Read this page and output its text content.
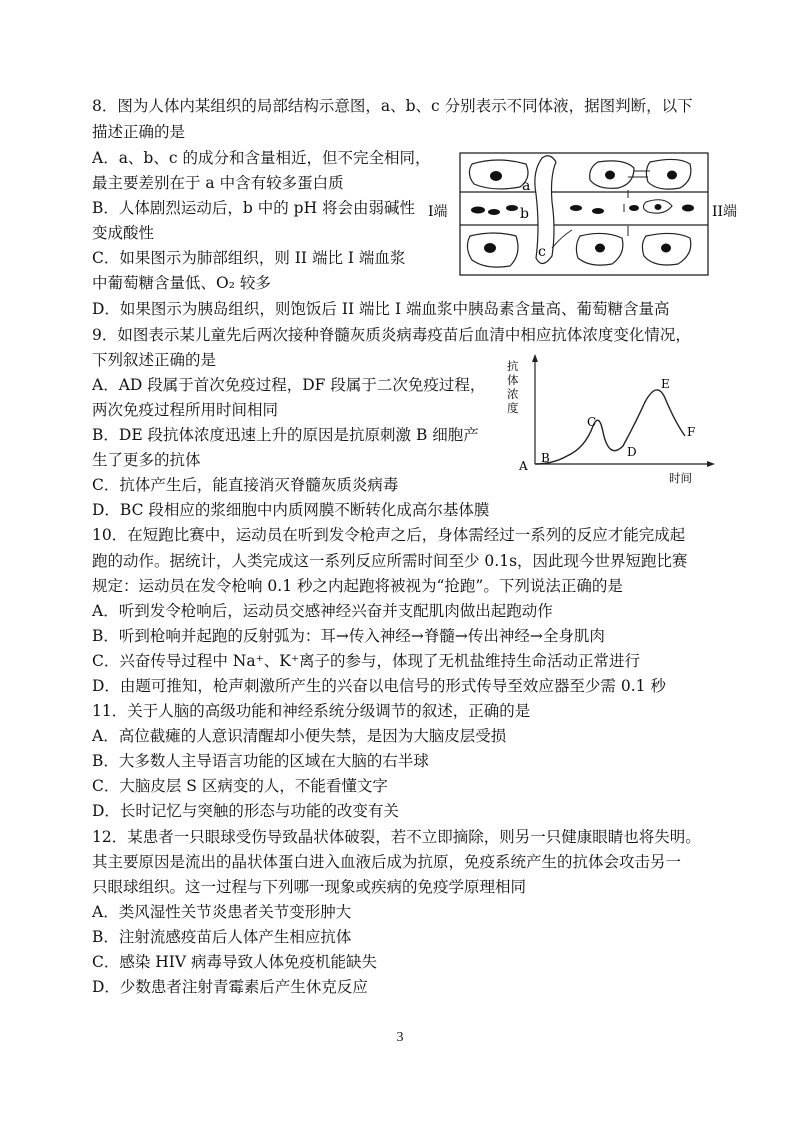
8．图为人体内某组织的局部结构示意图，a、b、c 分别表示不同体液，据图判断，以下
描述正确的是
A．a、b、c 的成分和含量相近，但不完全相同，
最主要差别在于 a 中含有较多蛋白质
B．人体剧烈运动后，b 中的 pH 将会由弱碱性
变成酸性
C．如果图示为肺部组织，则 II 端比 I 端血浆
中葡萄糖含量低、O₂ 较多
D．如果图示为胰岛组织，则饱饭后 II 端比 I 端血浆中胰岛素含量高、葡萄糖含量高
I端	II端
a
b
c
9．如图表示某儿童先后两次接种脊髓灰质炎病毒疫苗后血清中相应抗体浓度变化情况，
下列叙述正确的是
A．AD 段属于首次免疫过程，DF 段属于二次免疫过程，
两次免疫过程所用时间相同
B．DE 段抗体浓度迅速上升的原因是抗原刺激 B 细胞产
生了更多的抗体
C．抗体产生后，能直接消灭脊髓灰质炎病毒
D．BC 段相应的浆细胞中内质网膜不断转化成高尔基体膜
抗
体
浓
度
A
B
C
D
E
F
时间
10．在短跑比赛中，运动员在听到发令枪声之后，身体需经过一系列的反应才能完成起
跑的动作。据统计，人类完成这一系列反应所需时间至少 0.1s，因此现今世界短跑比赛
规定：运动员在发令枪响 0.1 秒之内起跑将被视为“抢跑”。下列说法正确的是
A．听到发令枪响后，运动员交感神经兴奋并支配肌肉做出起跑动作
B．听到枪响并起跑的反射弧为：耳→传入神经→脊髓→传出神经→全身肌肉
C．兴奋传导过程中 Na⁺、K⁺离子的参与，体现了无机盐维持生命活动正常进行
D．由题可推知，枪声刺激所产生的兴奋以电信号的形式传导至效应器至少需 0.1 秒
11．关于人脑的高级功能和神经系统分级调节的叙述，正确的是
A．高位截瘫的人意识清醒却小便失禁，是因为大脑皮层受损
B．大多数人主导语言功能的区域在大脑的右半球
C．大脑皮层 S 区病变的人，不能看懂文字
D．长时记忆与突触的形态与功能的改变有关
12．某患者一只眼球受伤导致晶状体破裂，若不立即摘除，则另一只健康眼睛也将失明。
其主要原因是流出的晶状体蛋白进入血液后成为抗原，免疫系统产生的抗体会攻击另一
只眼球组织。这一过程与下列哪一现象或疾病的免疫学原理相同
A．类风湿性关节炎患者关节变形肿大
B．注射流感疫苗后人体产生相应抗体
C．感染 HIV 病毒导致人体免疫机能缺失
D．少数患者注射青霉素后产生休克反应
3
